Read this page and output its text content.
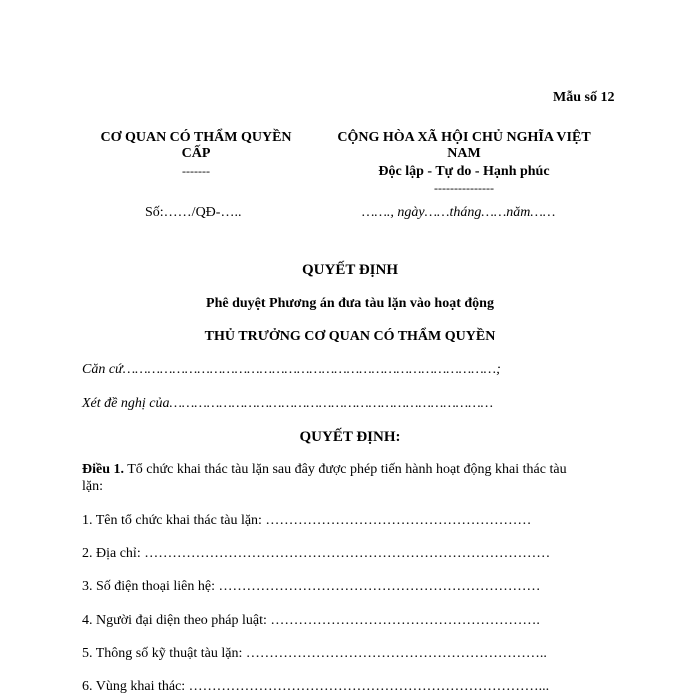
Mẫu số 12
CƠ QUAN CÓ THẨM QUYỀN
CẤP
-------
Số:……/QĐ-…..
CỘNG HÒA XÃ HỘI CHỦ NGHĨA VIỆT
NAM
Độc lập - Tự do - Hạnh phúc
---------------
……., ngày……tháng……năm……
QUYẾT ĐỊNH
Phê duyệt Phương án đưa tàu lặn vào hoạt động
THỦ TRƯỞNG CƠ QUAN CÓ THẨM QUYỀN
Căn cứ………………………………………………………………………………;
Xét đề nghị của……………………………………………………………………
QUYẾT ĐỊNH:
Điều 1. Tổ chức khai thác tàu lặn sau đây được phép tiến hành hoạt động khai thác tàu
lặn:
1. Tên tổ chức khai thác tàu lặn: …………………………………………………
2. Địa chỉ: ……………………………………………………………………………
3. Số điện thoại liên hệ: ……………………………………………………………
4. Người đại diện theo pháp luật: ………………………………………………….
5. Thông số kỹ thuật tàu lặn: ………………………………………………………..
6. Vùng khai thác: …………………………………………………………………...
